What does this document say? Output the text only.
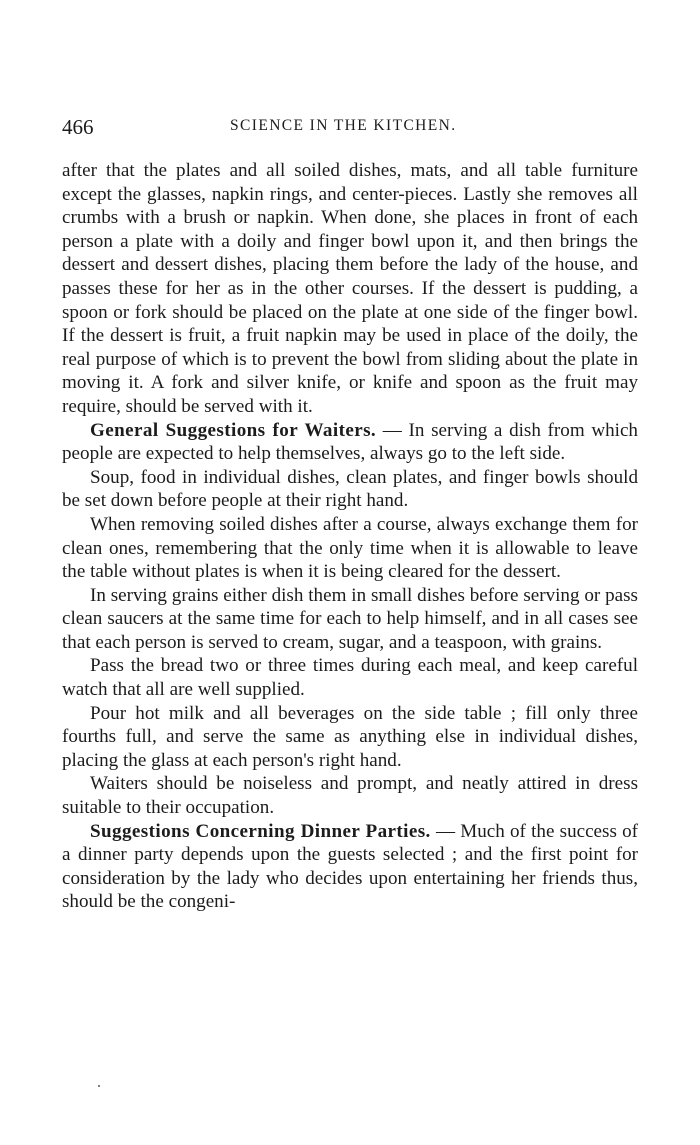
466	SCIENCE IN THE KITCHEN.

after that the plates and all soiled dishes, mats, and all table furniture except the glasses, napkin rings, and center-pieces. Lastly she removes all crumbs with a brush or napkin. When done, she places in front of each person a plate with a doily and finger bowl upon it, and then brings the dessert and dessert dishes, placing them before the lady of the house, and passes these for her as in the other courses. If the dessert is pudding, a spoon or fork should be placed on the plate at one side of the finger bowl. If the dessert is fruit, a fruit napkin may be used in place of the doily, the real purpose of which is to prevent the bowl from sliding about the plate in moving it. A fork and silver knife, or knife and spoon as the fruit may require, should be served with it.

General Suggestions for Waiters. — In serving a dish from which people are expected to help themselves, always go to the left side.

Soup, food in individual dishes, clean plates, and finger bowls should be set down before people at their right hand.

When removing soiled dishes after a course, always exchange them for clean ones, remembering that the only time when it is allowable to leave the table without plates is when it is being cleared for the dessert.

In serving grains either dish them in small dishes before serving or pass clean saucers at the same time for each to help himself, and in all cases see that each person is served to cream, sugar, and a teaspoon, with grains.

Pass the bread two or three times during each meal, and keep careful watch that all are well supplied.

Pour hot milk and all beverages on the side table ; fill only three fourths full, and serve the same as anything else in individual dishes, placing the glass at each person's right hand.

Waiters should be noiseless and prompt, and neatly attired in dress suitable to their occupation.

Suggestions Concerning Dinner Parties. — Much of the success of a dinner party depends upon the guests selected ; and the first point for consideration by the lady who decides upon entertaining her friends thus, should be the congeni-
